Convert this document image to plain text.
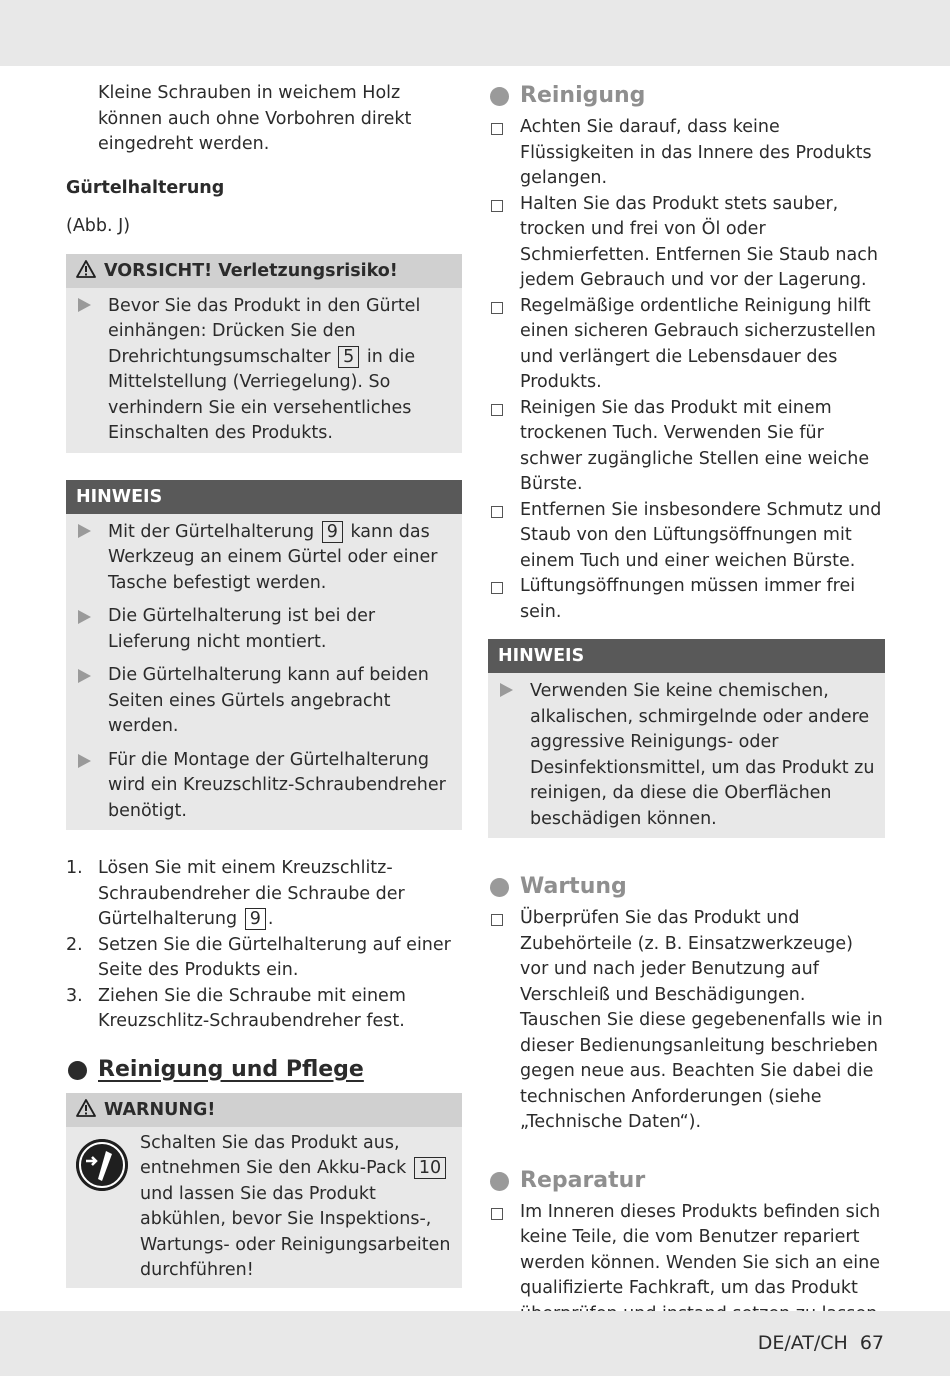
Kleine Schrauben in weichem Holz können auch ohne Vorbohren direkt eingedreht werden.

Gürtelhalterung

(Abb. J)

VORSICHT! Verletzungsrisiko!
Bevor Sie das Produkt in den Gürtel einhängen: Drücken Sie den Drehrichtungsumschalter 5 in die Mittelstellung (Verriegelung). So verhindern Sie ein versehentliches Einschalten des Produkts.
HINWEIS
Mit der Gürtelhalterung 9 kann das Werkzeug an einem Gürtel oder einer Tasche befestigt werden.
Die Gürtelhalterung ist bei der Lieferung nicht montiert.
Die Gürtelhalterung kann auf beiden Seiten eines Gürtels angebracht werden.
Für die Montage der Gürtelhalterung wird ein Kreuzschlitz-Schraubendreher benötigt.
1. Lösen Sie mit einem Kreuzschlitz-Schraubendreher die Schraube der Gürtelhalterung 9 .
2. Setzen Sie die Gürtelhalterung auf einer Seite des Produkts ein.
3. Ziehen Sie die Schraube mit einem Kreuzschlitz-Schraubendreher fest.
Reinigung und Pflege
WARNUNG!
Schalten Sie das Produkt aus, entnehmen Sie den Akku-Pack 10 und lassen Sie das Produkt abkühlen, bevor Sie Inspektions-, Wartungs- oder Reinigungsarbeiten durchführen!
Reinigung
Achten Sie darauf, dass keine Flüssigkeiten in das Innere des Produkts gelangen.
Halten Sie das Produkt stets sauber, trocken und frei von Öl oder Schmierfetten. Entfernen Sie Staub nach jedem Gebrauch und vor der Lagerung.
Regelmäßige ordentliche Reinigung hilft einen sicheren Gebrauch sicherzustellen und verlängert die Lebensdauer des Produkts.
Reinigen Sie das Produkt mit einem trockenen Tuch. Verwenden Sie für schwer zugängliche Stellen eine weiche Bürste.
Entfernen Sie insbesondere Schmutz und Staub von den Lüftungsöffnungen mit einem Tuch und einer weichen Bürste.
Lüftungsöffnungen müssen immer frei sein.
HINWEIS
Verwenden Sie keine chemischen, alkalischen, schmirgelnde oder andere aggressive Reinigungs- oder Desinfektionsmittel, um das Produkt zu reinigen, da diese die Oberflächen beschädigen können.
Wartung
Überprüfen Sie das Produkt und Zubehörteile (z. B. Einsatzwerkzeuge) vor und nach jeder Benutzung auf Verschleiß und Beschädigungen. Tauschen Sie diese gegebenenfalls wie in dieser Bedienungsanleitung beschrieben gegen neue aus. Beachten Sie dabei die technischen Anforderungen (siehe „Technische Daten“).
Reparatur
Im Inneren dieses Produkts befinden sich keine Teile, die vom Benutzer repariert werden können. Wenden Sie sich an eine qualifizierte Fachkraft, um das Produkt
DE/AT/CH 67
